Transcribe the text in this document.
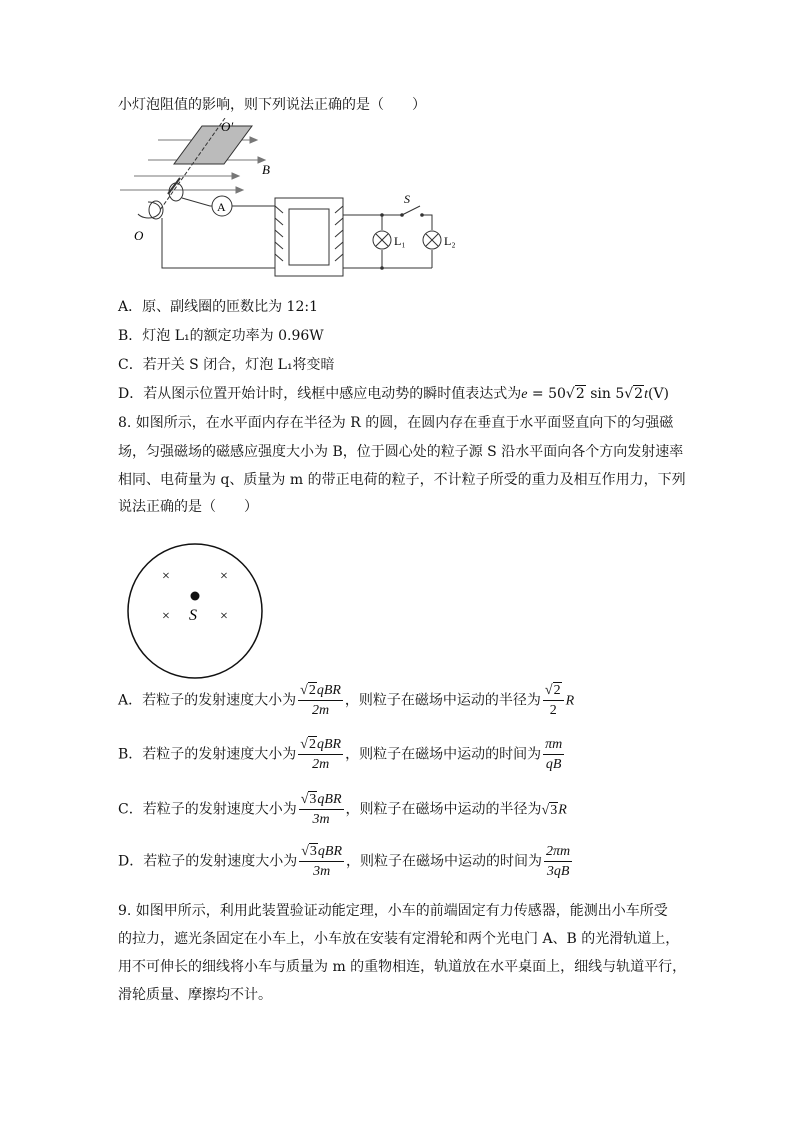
小灯泡阻值的影响，则下列说法正确的是（　　）
O′
B
O
A
L₁
S
L₂
A．原、副线圈的匝数比为 12:1
B．灯泡 L₁的额定功率为 0.96W
C．若开关 S 闭合，灯泡 L₁将变暗
D．若从图示位置开始计时，线框中感应电动势的瞬时值表达式为e = 50√2 sin 5√2t(V)
8. 如图所示，在水平面内存在半径为 R 的圆，在圆内存在垂直于水平面竖直向下的匀强磁
场，匀强磁场的磁感应强度大小为 B，位于圆心处的粒子源 S 沿水平面向各个方向发射速率
相同、电荷量为 q、质量为 m 的带正电荷的粒子，不计粒子所受的重力及相互作用力，下列
说法正确的是（　　）
×	×
×	×
S
A．若粒子的发射速度大小为 $\frac{\text{√2qBR}}{2m}$ ，则粒子在磁场中运动的半径为 $\frac{√2}{2}$ R
B．若粒子的发射速度大小为 $\frac{\text{√2qBR}}{2m}$ ，则粒子在磁场中运动的时间为 $\frac{\pi m}{qB}$
C．若粒子的发射速度大小为 $\frac{\text{√3qBR}}{3m}$ ，则粒子在磁场中运动的半径为√3R
D．若粒子的发射速度大小为 $\frac{\text{√3qBR}}{3m}$ ，则粒子在磁场中运动的时间为 $\frac{2\pi m}{3qB}$
9. 如图甲所示，利用此装置验证动能定理，小车的前端固定有力传感器，能测出小车所受
的拉力，遮光条固定在小车上，小车放在安装有定滑轮和两个光电门 A、B 的光滑轨道上，
用不可伸长的细线将小车与质量为 m 的重物相连，轨道放在水平桌面上，细线与轨道平行，
滑轮质量、摩擦均不计。
